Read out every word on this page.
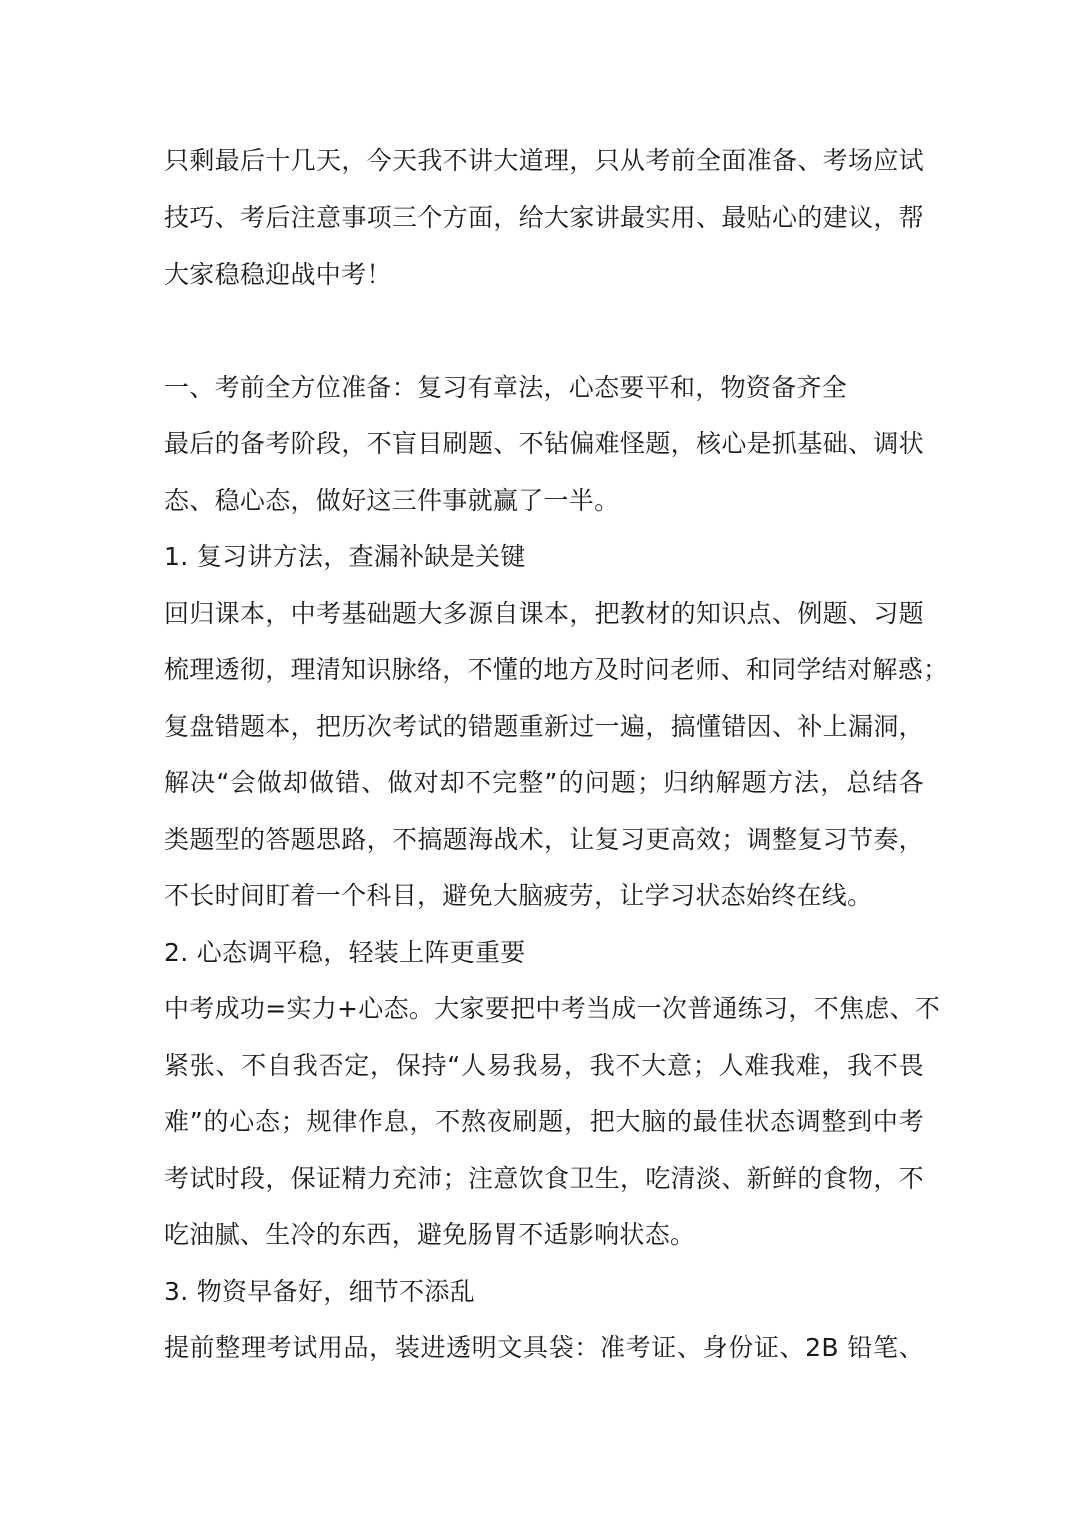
只剩最后十几天，今天我不讲大道理，只从考前全面准备、考场应试
技巧、考后注意事项三个方面，给大家讲最实用、最贴心的建议，帮
大家稳稳迎战中考！
一、考前全方位准备：复习有章法，心态要平和，物资备齐全
最后的备考阶段，不盲目刷题、不钻偏难怪题，核心是抓基础、调状
态、稳心态，做好这三件事就赢了一半。
1. 复习讲方法，查漏补缺是关键
回归课本，中考基础题大多源自课本，把教材的知识点、例题、习题
梳理透彻，理清知识脉络，不懂的地方及时问老师、和同学结对解惑；
复盘错题本，把历次考试的错题重新过一遍，搞懂错因、补上漏洞，
解决“会做却做错、做对却不完整”的问题；归纳解题方法，总结各
类题型的答题思路，不搞题海战术，让复习更高效；调整复习节奏，
不长时间盯着一个科目，避免大脑疲劳，让学习状态始终在线。
2. 心态调平稳，轻装上阵更重要
中考成功=实力+心态。大家要把中考当成一次普通练习，不焦虑、不
紧张、不自我否定，保持“人易我易，我不大意；人难我难，我不畏
难”的心态；规律作息，不熬夜刷题，把大脑的最佳状态调整到中考
考试时段，保证精力充沛；注意饮食卫生，吃清淡、新鲜的食物，不
吃油腻、生冷的东西，避免肠胃不适影响状态。
3. 物资早备好，细节不添乱
提前整理考试用品，装进透明文具袋：准考证、身份证、2B 铅笔、
